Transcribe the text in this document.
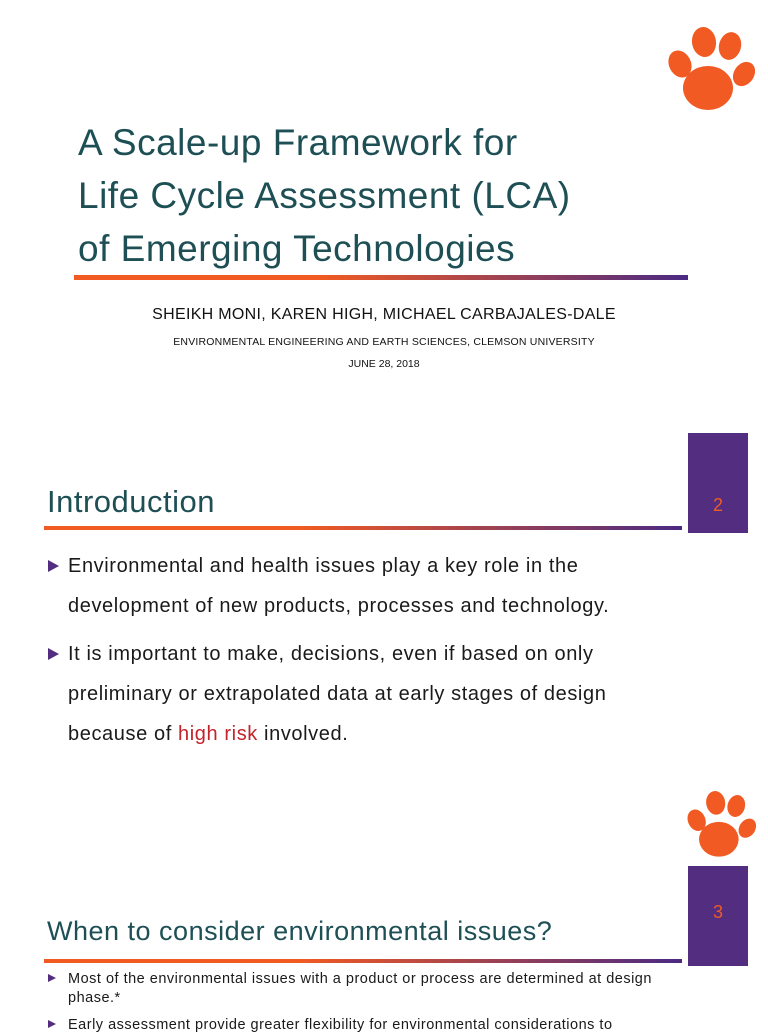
A Scale-up Framework for
Life Cycle Assessment (LCA)
of Emerging Technologies
SHEIKH MONI, KAREN HIGH, MICHAEL CARBAJALES-DALE
ENVIRONMENTAL ENGINEERING AND EARTH SCIENCES, CLEMSON UNIVERSITY
JUNE 28, 2018
2
Introduction
Environmental and health issues play a key role in the development of new products, processes and technology.
It is important to make, decisions, even if based on only preliminary or extrapolated data at early stages of design because of high risk involved.
3
When to consider environmental issues?
Most of the environmental issues with a product or process are determined at design phase.*
Early assessment provide greater flexibility for environmental considerations to
